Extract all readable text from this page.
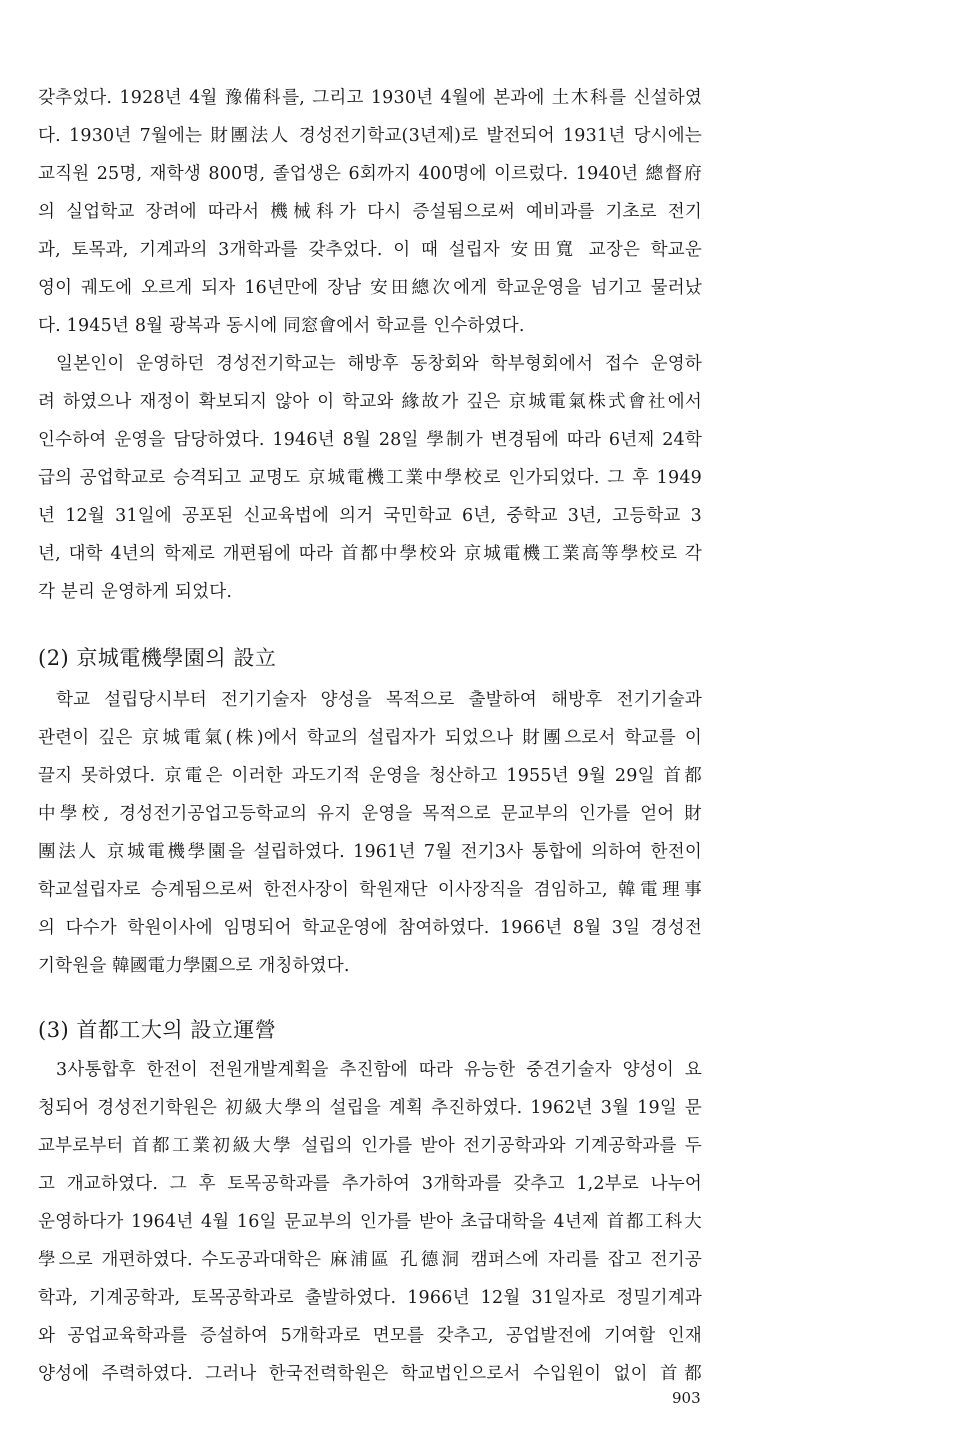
갖추었다. 1928년 4월 豫備科를, 그리고 1930년 4월에 본과에 土木科를 신설하였
다. 1930년 7월에는 財團法人 경성전기학교(3년제)로 발전되어 1931년 당시에는
교직원 25명, 재학생 800명, 졸업생은 6회까지 400명에 이르렀다. 1940년 總督府
의 실업학교 장려에 따라서 機械科가 다시 증설됨으로써 예비과를 기초로 전기
과, 토목과, 기계과의 3개학과를 갖추었다. 이 때 설립자 安田寬 교장은 학교운
영이 궤도에 오르게 되자 16년만에 장남 安田總次에게 학교운영을 넘기고 물러났
다. 1945년 8월 광복과 동시에 同窓會에서 학교를 인수하였다.
일본인이 운영하던 경성전기학교는 해방후 동창회와 학부형회에서 접수 운영하
려 하였으나 재정이 확보되지 않아 이 학교와 緣故가 깊은 京城電氣株式會社에서
인수하여 운영을 담당하였다. 1946년 8월 28일 學制가 변경됨에 따라 6년제 24학
급의 공업학교로 승격되고 교명도 京城電機工業中學校로 인가되었다. 그 후 1949
년 12월 31일에 공포된 신교육법에 의거 국민학교 6년, 중학교 3년, 고등학교 3
년, 대학 4년의 학제로 개편됨에 따라 首都中學校와 京城電機工業高等學校로 각
각 분리 운영하게 되었다.
(2) 京城電機學園의 設立
학교 설립당시부터 전기기술자 양성을 목적으로 출발하여 해방후 전기기술과
관련이 깊은 京城電氣(株)에서 학교의 설립자가 되었으나 財團으로서 학교를 이
끌지 못하였다. 京電은 이러한 과도기적 운영을 청산하고 1955년 9월 29일 首都
中學校, 경성전기공업고등학교의 유지 운영을 목적으로 문교부의 인가를 얻어 財
團法人 京城電機學園을 설립하였다. 1961년 7월 전기3사 통합에 의하여 한전이
학교설립자로 승계됨으로써 한전사장이 학원재단 이사장직을 겸임하고, 韓電理事
의 다수가 학원이사에 임명되어 학교운영에 참여하였다. 1966년 8월 3일 경성전
기학원을 韓國電力學園으로 개칭하였다.
(3) 首都工大의 設立運營
3사통합후 한전이 전원개발계획을 추진함에 따라 유능한 중견기술자 양성이 요
청되어 경성전기학원은 初級大學의 설립을 계획 추진하였다. 1962년 3월 19일 문
교부로부터 首都工業初級大學 설립의 인가를 받아 전기공학과와 기계공학과를 두
고 개교하였다. 그 후 토목공학과를 추가하여 3개학과를 갖추고 1,2부로 나누어
운영하다가 1964년 4월 16일 문교부의 인가를 받아 초급대학을 4년제 首都工科大
學으로 개편하였다. 수도공과대학은 麻浦區 孔德洞 캠퍼스에 자리를 잡고 전기공
학과, 기계공학과, 토목공학과로 출발하였다. 1966년 12월 31일자로 정밀기계과
와 공업교육학과를 증설하여 5개학과로 면모를 갖추고, 공업발전에 기여할 인재
양성에 주력하였다. 그러나 한국전력학원은 학교법인으로서 수입원이 없이 首都
903
